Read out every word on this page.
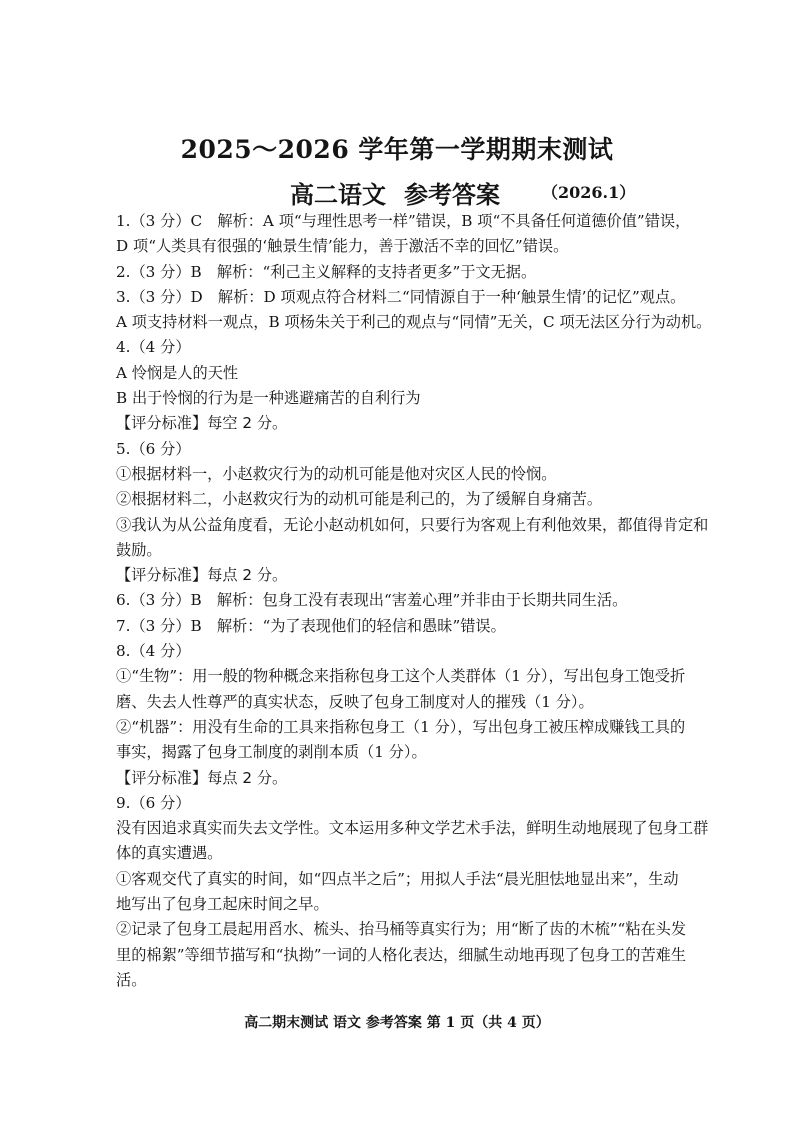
2025～2026 学年第一学期期末测试
高二语文 参考答案	（2026.1）
1.（3 分）C　解析：A 项“与理性思考一样”错误，B 项“不具备任何道德价值”错误，
D 项“人类具有很强的‘触景生情’能力，善于激活不幸的回忆”错误。
2.（3 分）B　解析：“利己主义解释的支持者更多”于文无据。
3.（3 分）D　解析：D 项观点符合材料二“同情源自于一种‘触景生情’的记忆”观点。
A 项支持材料一观点，B 项杨朱关于利己的观点与“同情”无关，C 项无法区分行为动机。
4.（4 分）
A 怜悯是人的天性
B 出于怜悯的行为是一种逃避痛苦的自利行为
【评分标准】每空 2 分。
5.（6 分）
①根据材料一，小赵救灾行为的动机可能是他对灾区人民的怜悯。
②根据材料二，小赵救灾行为的动机可能是利己的，为了缓解自身痛苦。
③我认为从公益角度看，无论小赵动机如何，只要行为客观上有利他效果，都值得肯定和
鼓励。
【评分标准】每点 2 分。
6.（3 分）B　解析：包身工没有表现出“害羞心理”并非由于长期共同生活。
7.（3 分）B　解析：“为了表现他们的轻信和愚昧”错误。
8.（4 分）
①“生物”：用一般的物种概念来指称包身工这个人类群体（1 分），写出包身工饱受折
磨、失去人性尊严的真实状态，反映了包身工制度对人的摧残（1 分）。
②“机器”：用没有生命的工具来指称包身工（1 分），写出包身工被压榨成赚钱工具的
事实，揭露了包身工制度的剥削本质（1 分）。
【评分标准】每点 2 分。
9.（6 分）
没有因追求真实而失去文学性。文本运用多种文学艺术手法，鲜明生动地展现了包身工群
体的真实遭遇。
①客观交代了真实的时间，如“四点半之后”；用拟人手法“晨光胆怯地显出来”，生动
地写出了包身工起床时间之早。
②记录了包身工晨起用舀水、梳头、抬马桶等真实行为；用“断了齿的木梳”“粘在头发
里的棉絮”等细节描写和“执拗”一词的人格化表达，细腻生动地再现了包身工的苦难生
活。
高二期末测试 语文 参考答案 第 1 页（共 4 页）
